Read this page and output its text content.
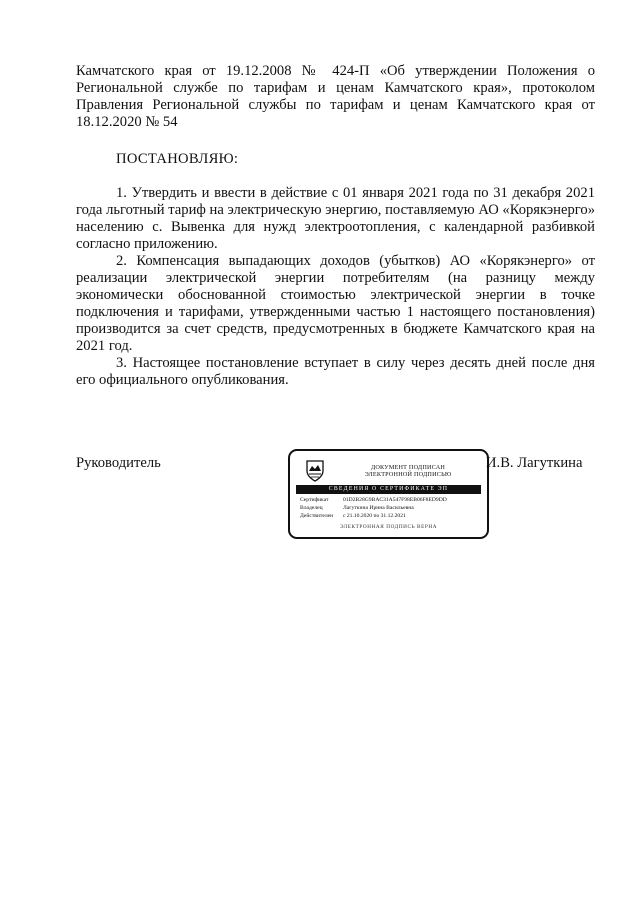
Камчатского края от 19.12.2008 № 424-П «Об утверждении Положения о Региональной службе по тарифам и ценам Камчатского края», протоколом Правления Региональной службы по тарифам и ценам Камчатского края от 18.12.2020 № 54
ПОСТАНОВЛЯЮ:

1. Утвердить и ввести в действие с 01 января 2021 года по 31 декабря 2021 года льготный тариф на электрическую энергию, поставляемую АО «Корякэнерго» населению с. Вывенка для нужд электроотопления, с календарной разбивкой согласно приложению.

2. Компенсация выпадающих доходов (убытков) АО «Корякэнерго» от реализации электрической энергии потребителям (на разницу между экономически обоснованной стоимостью электрической энергии в точке подключения и тарифами, утвержденными частью 1 настоящего постановления) производится за счет средств, предусмотренных в бюджете Камчатского края на 2021 год.

3. Настоящее постановление вступает в силу через десять дней после дня его официального опубликования.

Руководитель	ДОКУМЕНТ ПОДПИСАН
ЭЛЕКТРОННОЙ ПОДПИСЬЮ
СВЕДЕНИЯ О СЕРТИФИКАТЕ ЭП
Сертификат	01D2B28G9BAC31A547F98EB06F8ED9DD
Владелец	Лагуткина Ирина Васильевна
Действителен	с 21.10.2020 по 31.12.2021
ЭЛЕКТРОННАЯ ПОДПИСЬ ВЕРНА
И.В. Лагуткина
